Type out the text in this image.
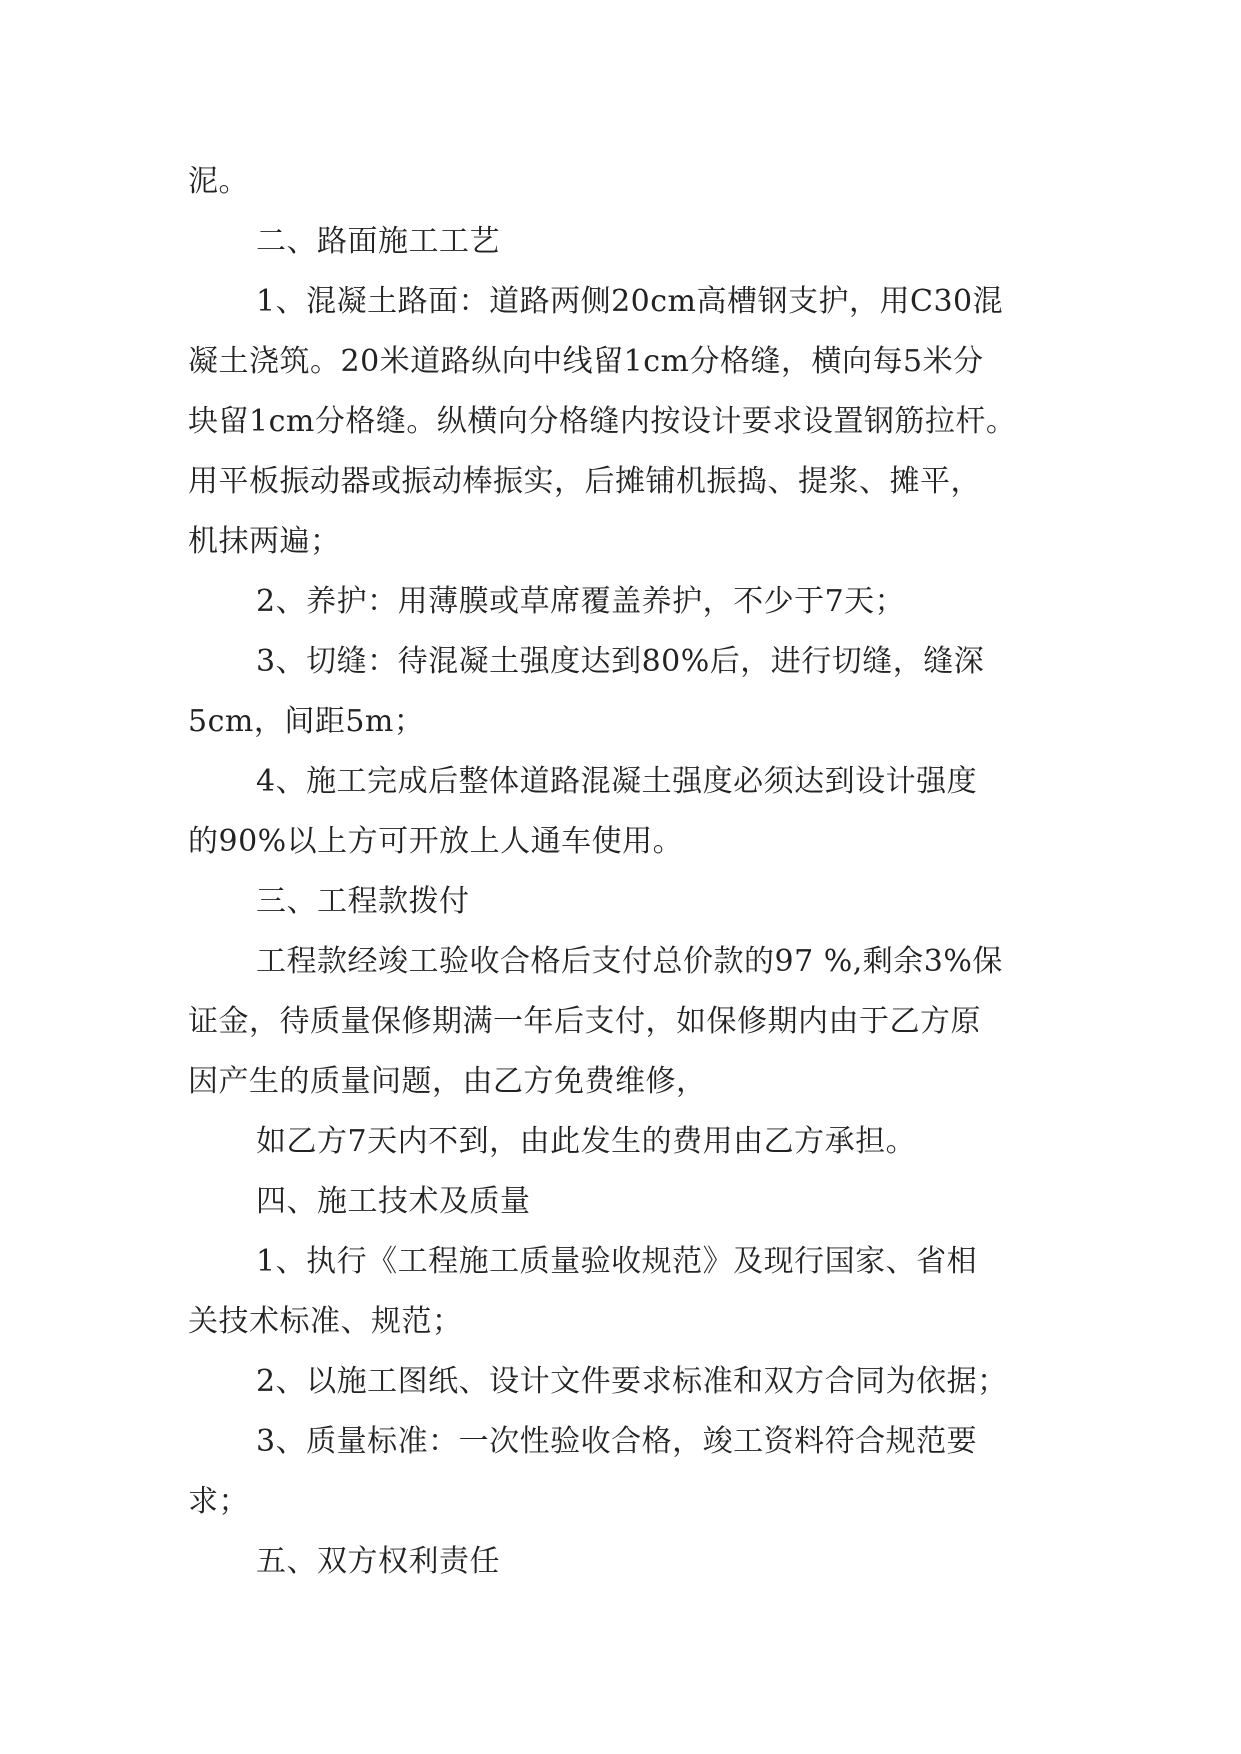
泥。

二、路面施工工艺

1、混凝土路面：道路两侧20cm高槽钢支护，用C30混

凝土浇筑。20米道路纵向中线留1cm分格缝，横向每5米分

块留1cm分格缝。纵横向分格缝内按设计要求设置钢筋拉杆。

用平板振动器或振动棒振实，后摊铺机振捣、提浆、摊平，

机抹两遍；

2、养护：用薄膜或草席覆盖养护，不少于7天；

3、切缝：待混凝土强度达到80%后，进行切缝，缝深

5cm，间距5m；

4、施工完成后整体道路混凝土强度必须达到设计强度

的90%以上方可开放上人通车使用。

三、工程款拨付

工程款经竣工验收合格后支付总价款的97 %,剩余3%保

证金，待质量保修期满一年后支付，如保修期内由于乙方原

因产生的质量问题，由乙方免费维修，

如乙方7天内不到，由此发生的费用由乙方承担。

四、施工技术及质量

1、执行《工程施工质量验收规范》及现行国家、省相

关技术标准、规范；

2、以施工图纸、设计文件要求标准和双方合同为依据；

3、质量标准：一次性验收合格，竣工资料符合规范要

求；

五、双方权利责任
